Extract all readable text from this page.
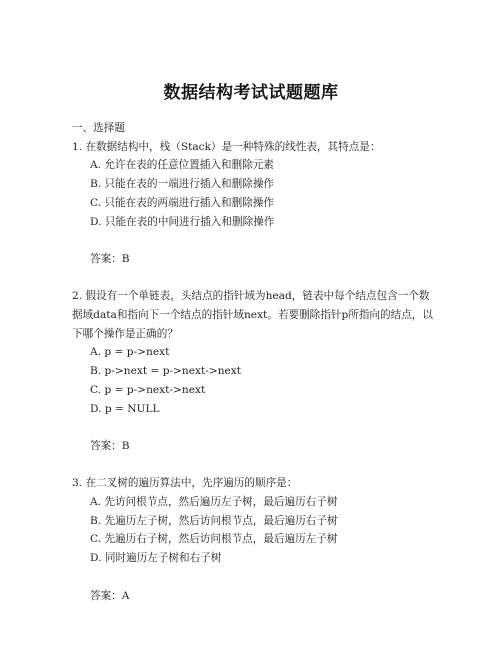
数据结构考试试题题库
一、选择题
1. 在数据结构中，栈（Stack）是一种特殊的线性表，其特点是：
A. 允许在表的任意位置插入和删除元素
B. 只能在表的一端进行插入和删除操作
C. 只能在表的两端进行插入和删除操作
D. 只能在表的中间进行插入和删除操作
答案：B
2. 假设有一个单链表，头结点的指针域为head，链表中每个结点包含一个数据域data和指向下一个结点的指针域next。若要删除指针p所指向的结点，以下哪个操作是正确的？
A. p = p->next
B. p->next = p->next->next
C. p = p->next->next
D. p = NULL
答案：B
3. 在二叉树的遍历算法中，先序遍历的顺序是：
A. 先访问根节点，然后遍历左子树，最后遍历右子树
B. 先遍历左子树，然后访问根节点，最后遍历右子树
C. 先遍历右子树，然后访问根节点，最后遍历左子树
D. 同时遍历左子树和右子树
答案：A
